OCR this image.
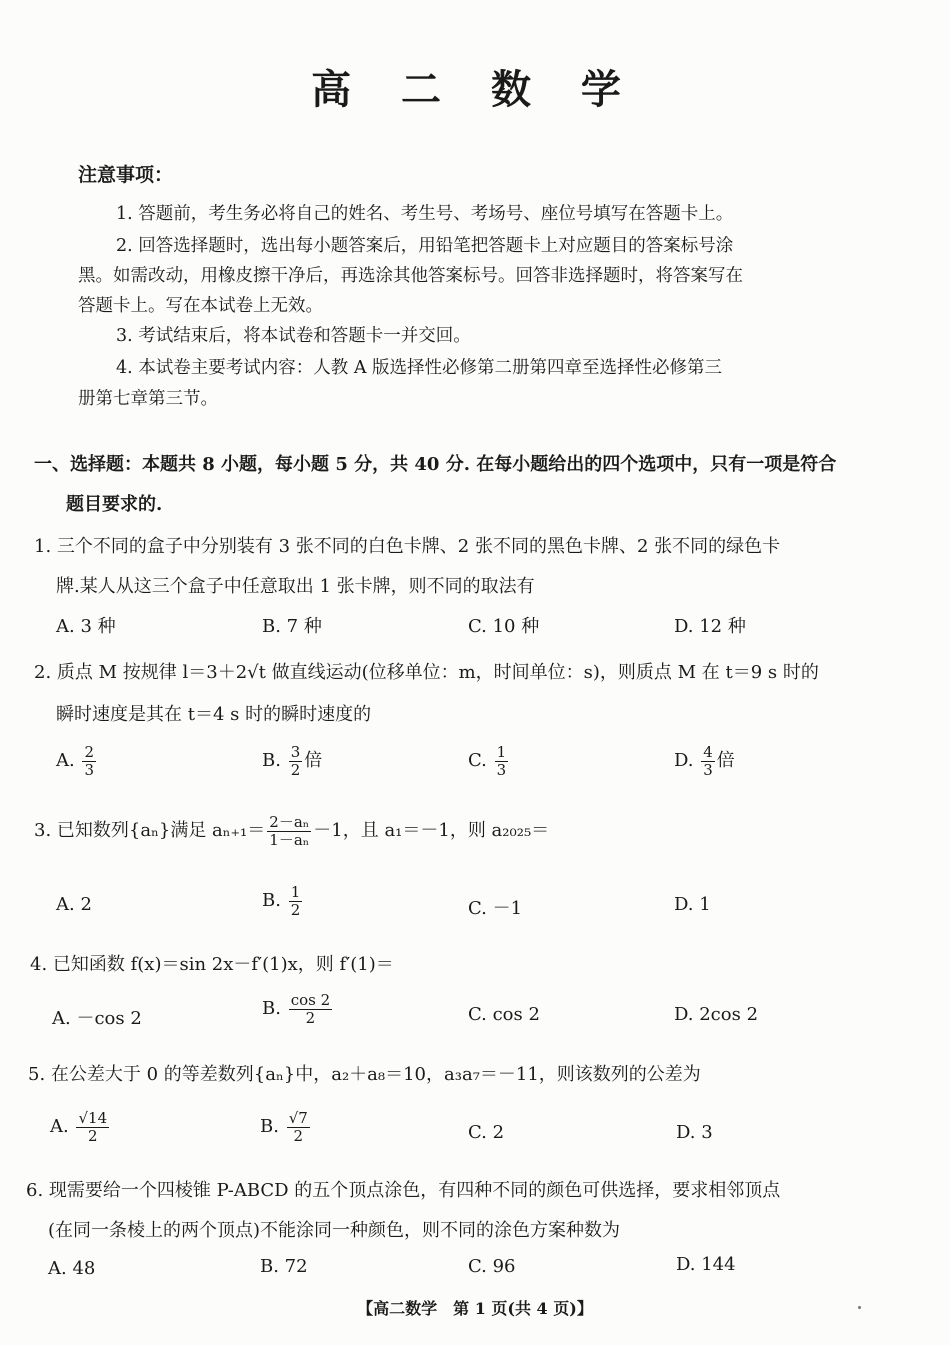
高 二 数 学
注意事项：
1. 答题前，考生务必将自己的姓名、考生号、考场号、座位号填写在答题卡上。
2. 回答选择题时，选出每小题答案后，用铅笔把答题卡上对应题目的答案标号涂
黑。如需改动，用橡皮擦干净后，再选涂其他答案标号。回答非选择题时，将答案写在
答题卡上。写在本试卷上无效。
3. 考试结束后，将本试卷和答题卡一并交回。
4. 本试卷主要考试内容：人教 A 版选择性必修第二册第四章至选择性必修第三
册第七章第三节。
一、选择题：本题共 8 小题，每小题 5 分，共 40 分. 在每小题给出的四个选项中，只有一项是符合
题目要求的.
1. 三个不同的盒子中分别装有 3 张不同的白色卡牌、2 张不同的黑色卡牌、2 张不同的绿色卡
牌.某人从这三个盒子中任意取出 1 张卡牌，则不同的取法有
A. 3 种	B. 7 种	C. 10 种	D. 12 种
2. 质点 M 按规律 l＝3＋2√t 做直线运动(位移单位：m，时间单位：s)，则质点 M 在 t＝9 s 时的
瞬时速度是其在 t＝4 s 时的瞬时速度的
A. $\frac{2}{3}$	B. $\frac{3}{2}$ 倍	C. $\frac{1}{3}$	D. $\frac{4}{3}$ 倍
3. 已知数列{aₙ}满足 $a_{n+1}= \frac{\text{2－aₙ}}{\text{1－aₙ}} -1$，且 a₁＝－1，则 a₂₀₂₅＝
A. 2	B. $\frac{1}{2}$	C. －1	D. 1
4. 已知函数 f(x)＝sin 2x－f′(1)x，则 f′(1)＝
A. －cos 2	B. $\frac{\cos 2}{2}$	C. cos 2	D. 2cos 2
5. 在公差大于 0 的等差数列{aₙ}中，a₂＋a₈＝10，a₃a₇＝－11，则该数列的公差为
A. $\frac{√14}{2}$	B. $\frac{√7}{2}$	C. 2	D. 3
6. 现需要给一个四棱锥 P-ABCD 的五个顶点涂色，有四种不同的颜色可供选择，要求相邻顶点
(在同一条棱上的两个顶点)不能涂同一种颜色，则不同的涂色方案种数为
A. 48	B. 72	C. 96	D. 144
【高二数学　第 1 页(共 4 页)】
